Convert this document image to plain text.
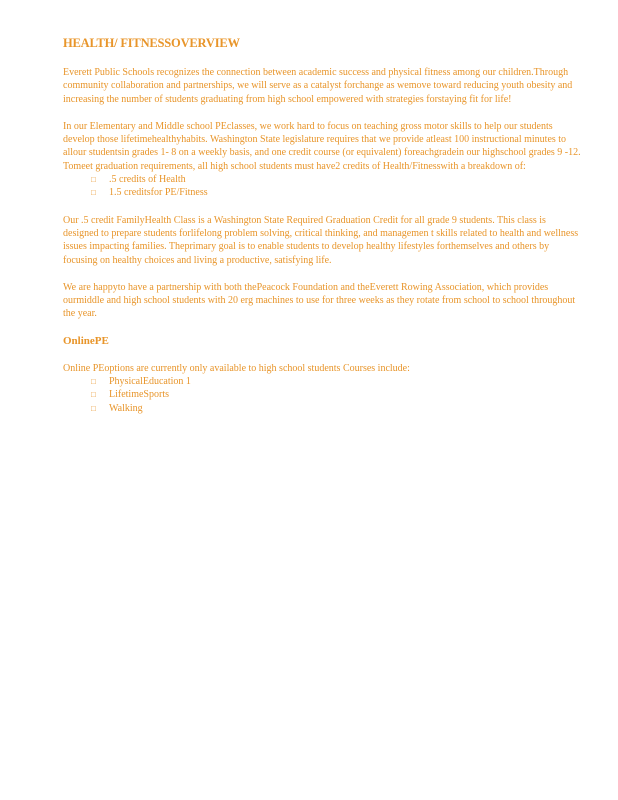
HEALTH/ FITNESSOVERVIEW

Everett Public Schools recognizes the connection between academic success and physical fitness among our children.Through community collaboration and partnerships, we will serve as a catalyst forchange as wemove toward reducing youth obesity and increasing the number of students graduating from high school empowered with strategies forstaying fit for life!

In our Elementary and Middle school PEclasses, we work hard to focus on teaching gross motor skills to help our students develop those lifetimehealthyhabits. Washington State legislature requires that we provide atleast 100 instructional minutes to allour studentsin grades 1- 8 on a weekly basis, and one credit course (or equivalent) foreachgradein our highschool grades 9 -12. Tomeet graduation requirements, all high school students must have2 credits of Health/Fitnesswith a breakdown of:

□ .5 credits of Health
□ 1.5 creditsfor PE/Fitness

Our .5 credit FamilyHealth Class is a Washington State Required Graduation Credit for all grade 9 students. This class is designed to prepare students forlifelong problem solving, critical thinking, and managemen t skills related to health and wellness issues impacting families. Theprimary goal is to enable students to develop healthy lifestyles forthemselves and others by focusing on healthy choices and living a productive, satisfying life.

We are happyto have a partnership with both thePeacock Foundation and theEverett Rowing Association, which provides ourmiddle and high school students with 20 erg machines to use for three weeks as they rotate from school to school throughout the year.

OnlinePE

Online PEoptions are currently only available to high school students Courses include:

□ PhysicalEducation 1
□ LifetimeSports
□ Walking
